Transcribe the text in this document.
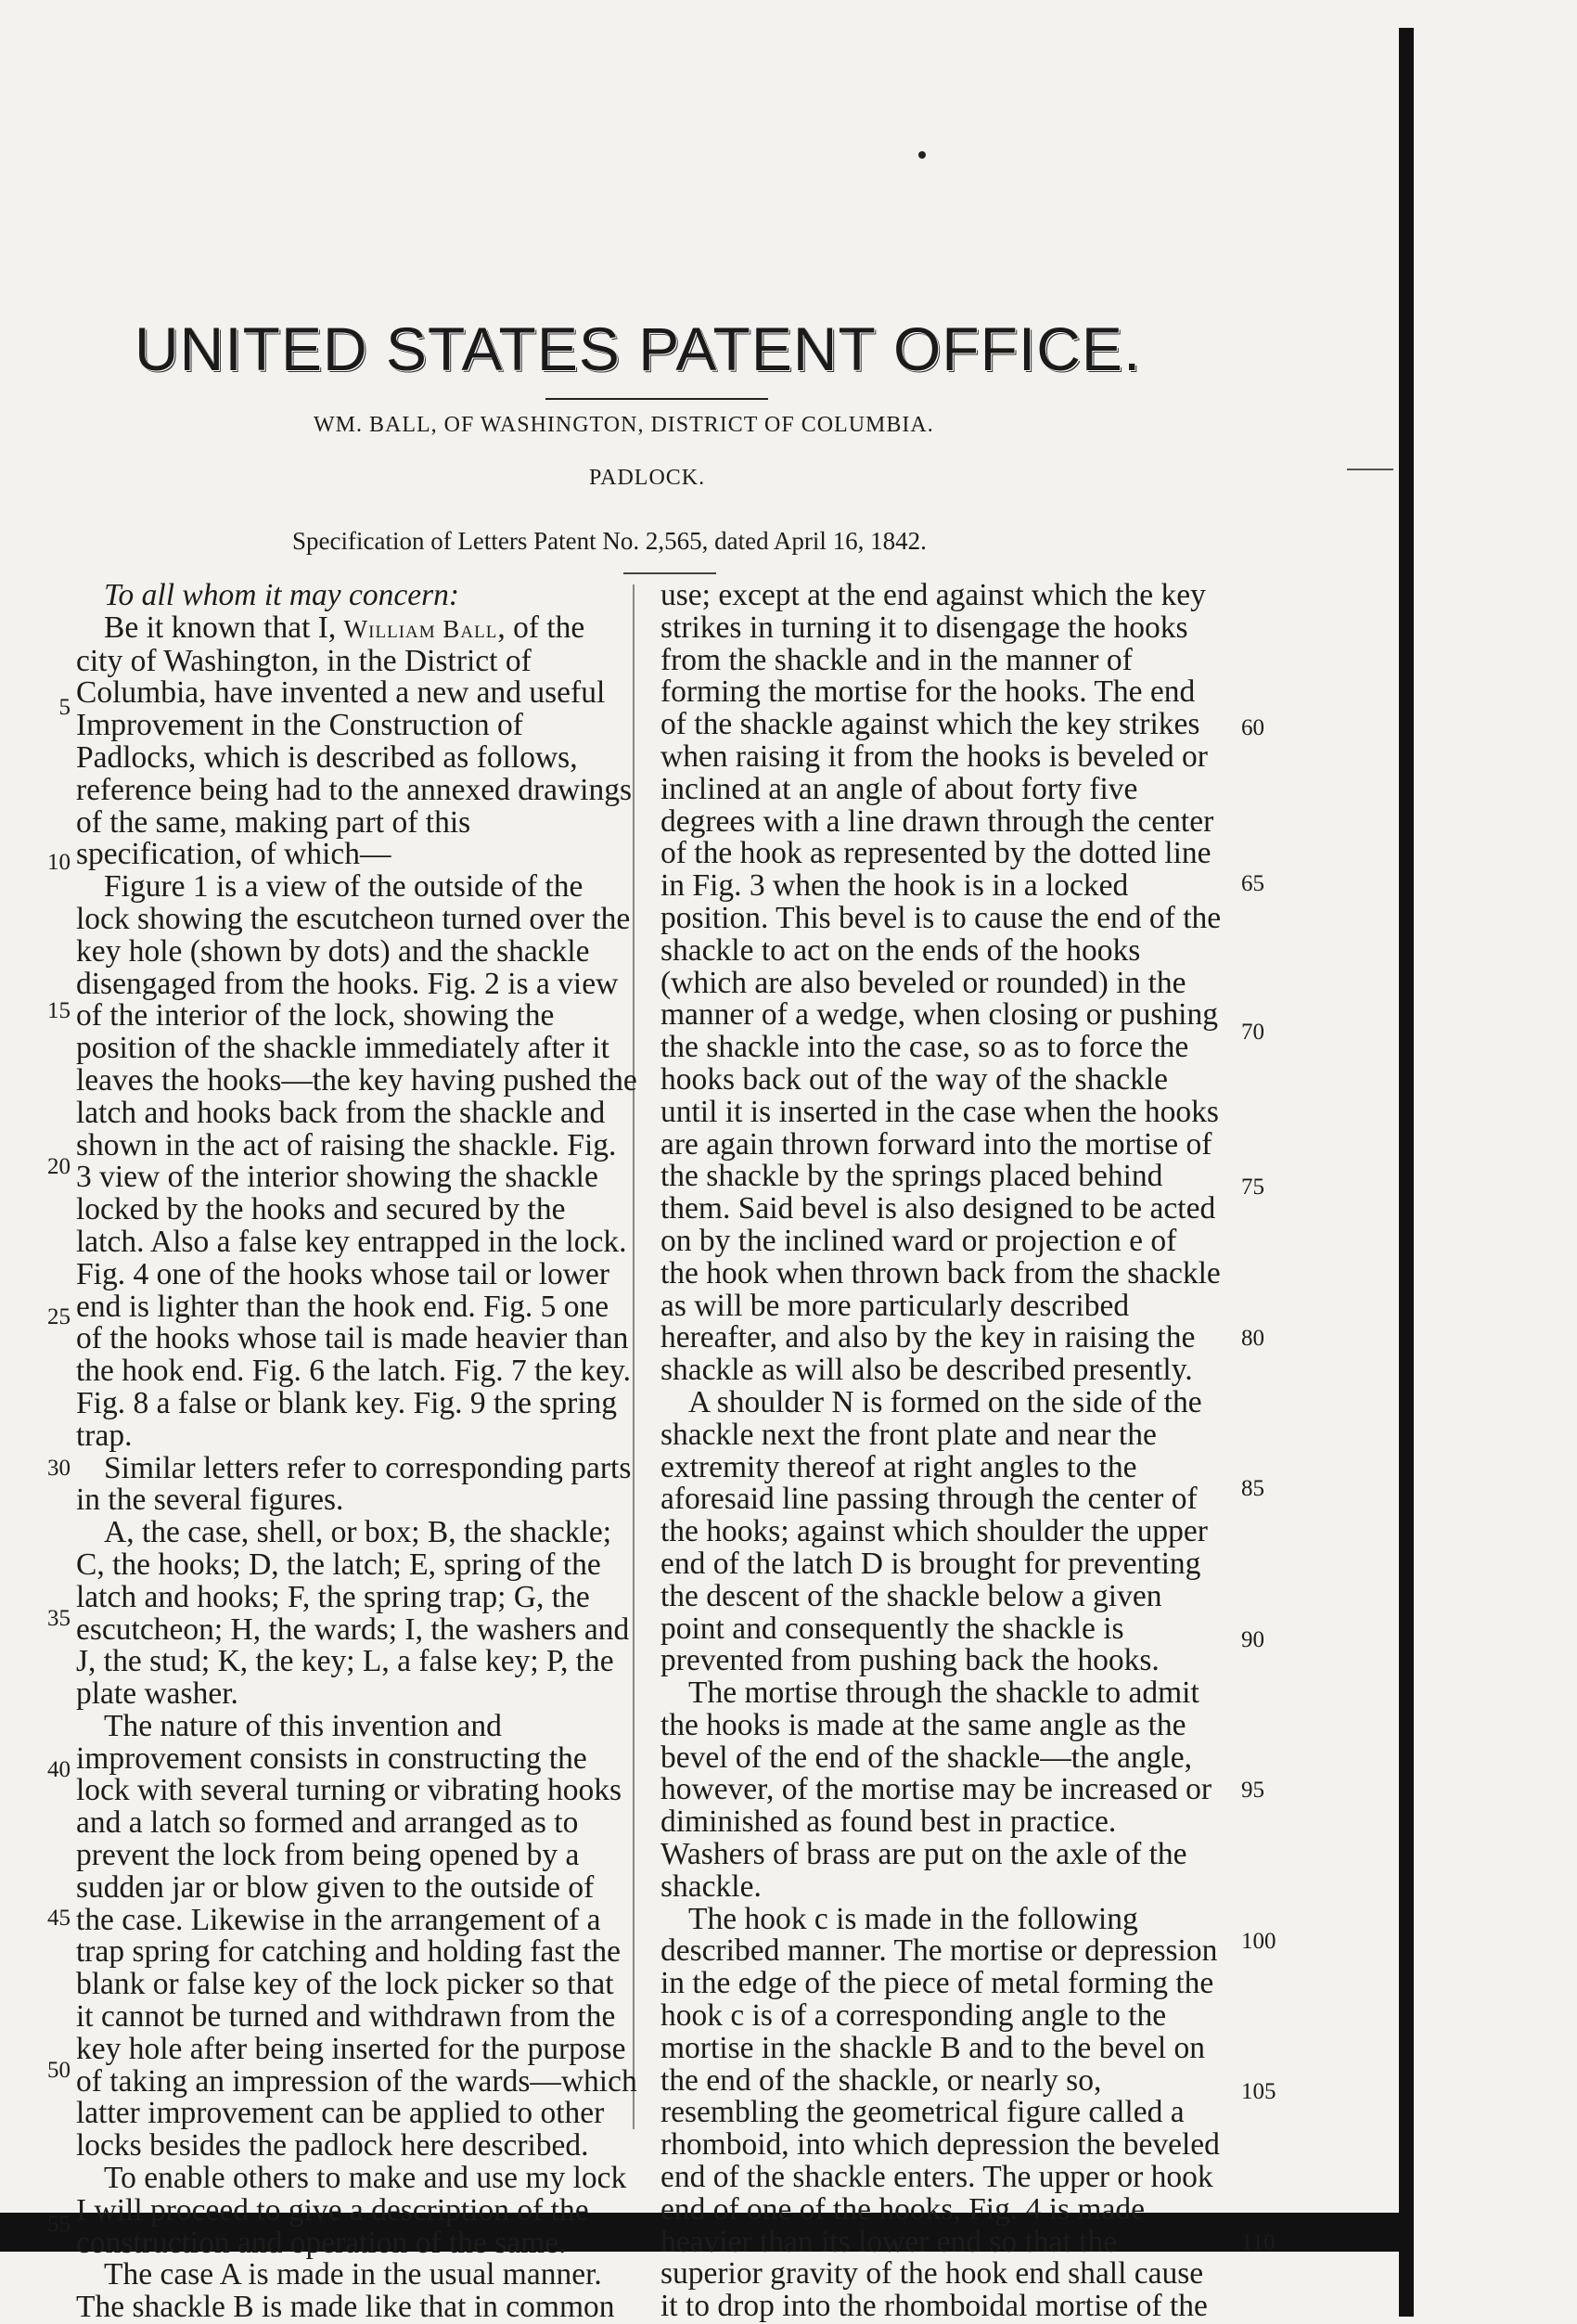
UNITED STATES PATENT OFFICE.
WM. BALL, OF WASHINGTON, DISTRICT OF COLUMBIA.
PADLOCK.
Specification of Letters Patent No. 2,565, dated April 16, 1842.

To all whom it may concern:

Be it known that I, William Ball, of the city of Washington, in the District of Columbia, have invented a new and useful Improvement in the Construction of Padlocks, which is described as follows, reference being had to the annexed drawings of the same, making part of this specification, of which—

Figure 1 is a view of the outside of the lock showing the escutcheon turned over the key hole (shown by dots) and the shackle disengaged from the hooks. Fig. 2 is a view of the interior of the lock, showing the position of the shackle immediately after it leaves the hooks—the key having pushed the latch and hooks back from the shackle and shown in the act of raising the shackle. Fig. 3 view of the interior showing the shackle locked by the hooks and secured by the latch. Also a false key entrapped in the lock. Fig. 4 one of the hooks whose tail or lower end is lighter than the hook end. Fig. 5 one of the hooks whose tail is made heavier than the hook end. Fig. 6 the latch. Fig. 7 the key. Fig. 8 a false or blank key. Fig. 9 the spring trap.

Similar letters refer to corresponding parts in the several figures.

A, the case, shell, or box; B, the shackle; C, the hooks; D, the latch; E, spring of the latch and hooks; F, the spring trap; G, the escutcheon; H, the wards; I, the washers and J, the stud; K, the key; L, a false key; P, the plate washer.

The nature of this invention and improvement consists in constructing the lock with several turning or vibrating hooks and a latch so formed and arranged as to prevent the lock from being opened by a sudden jar or blow given to the outside of the case. Likewise in the arrangement of a trap spring for catching and holding fast the blank or false key of the lock picker so that it cannot be turned and withdrawn from the key hole after being inserted for the purpose of taking an impression of the wards—which latter improvement can be applied to other locks besides the padlock here described.

To enable others to make and use my lock I will proceed to give a description of the construction and operation of the same.

The case A is made in the usual manner. The shackle B is made like that in common

use; except at the end against which the key strikes in turning it to disengage the hooks from the shackle and in the manner of forming the mortise for the hooks. The end of the shackle against which the key strikes when raising it from the hooks is beveled or inclined at an angle of about forty five degrees with a line drawn through the center of the hook as represented by the dotted line in Fig. 3 when the hook is in a locked position. This bevel is to cause the end of the shackle to act on the ends of the hooks (which are also beveled or rounded) in the manner of a wedge, when closing or pushing the shackle into the case, so as to force the hooks back out of the way of the shackle until it is inserted in the case when the hooks are again thrown forward into the mortise of the shackle by the springs placed behind them. Said bevel is also designed to be acted on by the inclined ward or projection e of the hook when thrown back from the shackle as will be more particularly described hereafter, and also by the key in raising the shackle as will also be described presently.

A shoulder N is formed on the side of the shackle next the front plate and near the extremity thereof at right angles to the aforesaid line passing through the center of the hooks; against which shoulder the upper end of the latch D is brought for preventing the descent of the shackle below a given point and consequently the shackle is prevented from pushing back the hooks.

The mortise through the shackle to admit the hooks is made at the same angle as the bevel of the end of the shackle—the angle, however, of the mortise may be increased or diminished as found best in practice. Washers of brass are put on the axle of the shackle.

The hook c is made in the following described manner. The mortise or depression in the edge of the piece of metal forming the hook c is of a corresponding angle to the mortise in the shackle B and to the bevel on the end of the shackle, or nearly so, resembling the geometrical figure called a rhomboid, into which depression the beveled end of the shackle enters. The upper or hook end of one of the hooks, Fig. 4 is made heavier than its lower end so that the superior gravity of the hook end shall cause it to drop into the rhomboidal mortise of the

5
10
15
20
25
30
35
40
45
50
55
60
65
70
75
80
85
90
95
100
105
110
